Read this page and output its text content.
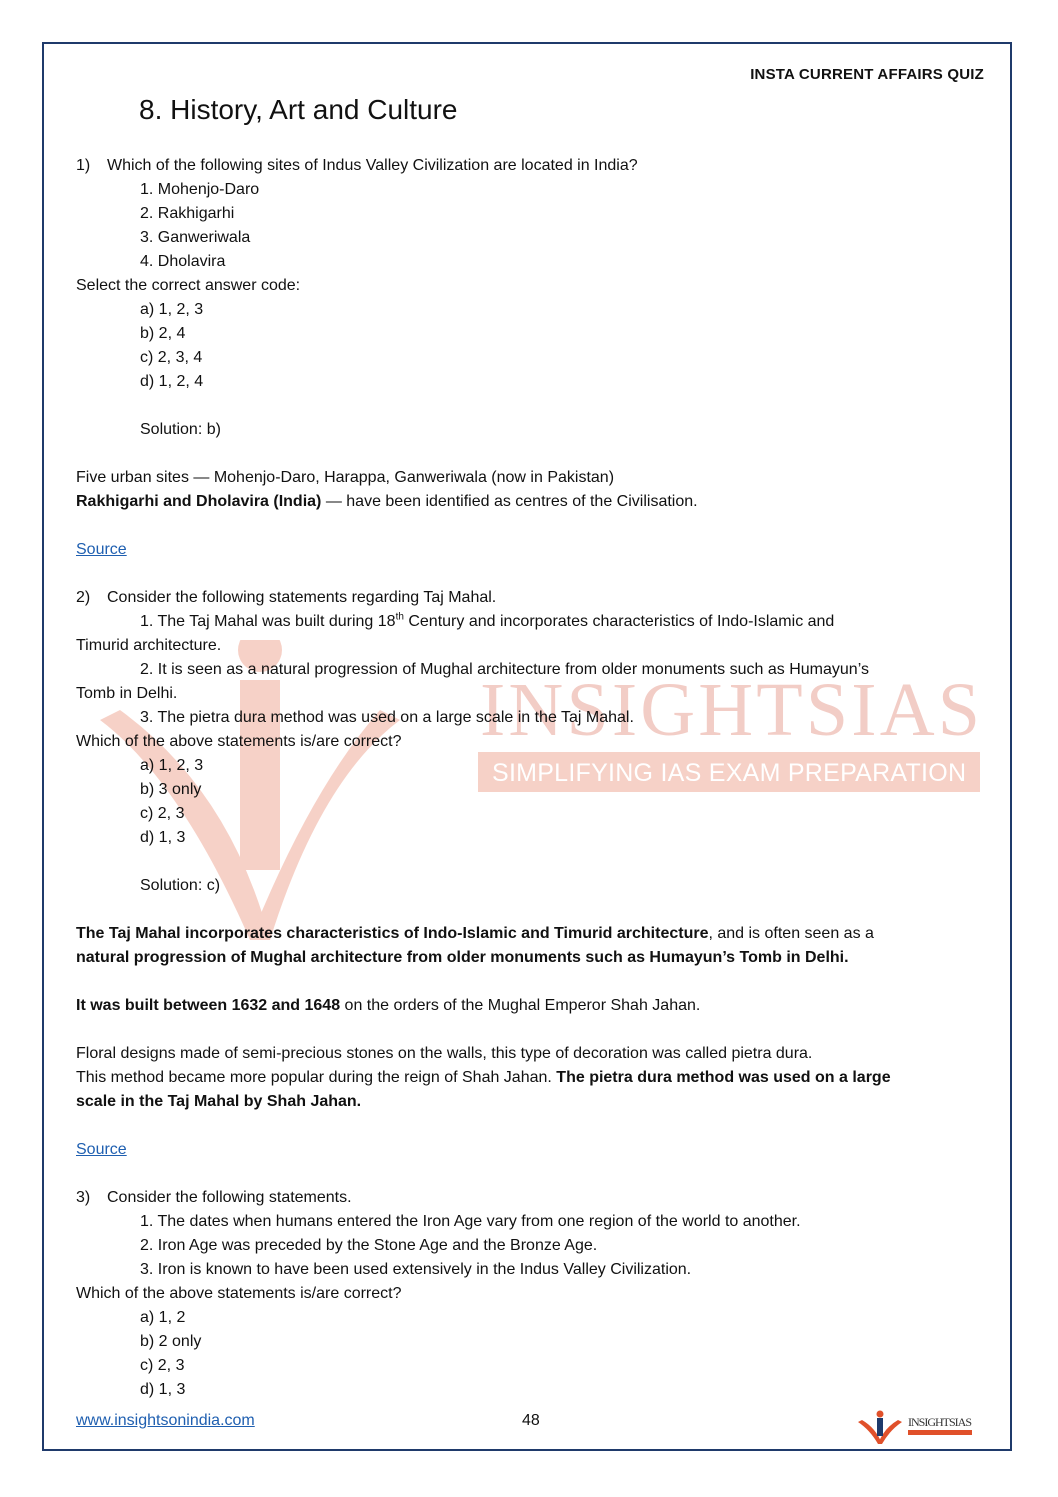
INSIGHTSIAS
SIMPLIFYING IAS EXAM PREPARATION
INSTA CURRENT AFFAIRS QUIZ
8. History, Art and Culture

1) Which of the following sites of Indus Valley Civilization are located in India?

1. Mohenjo-Daro

2. Rakhigarhi

3. Ganweriwala

4. Dholavira

Select the correct answer code:

a) 1, 2, 3

b) 2, 4

c) 2, 3, 4

d) 1, 2, 4

Solution: b)

Five urban sites — Mohenjo-Daro, Harappa, Ganweriwala (now in Pakistan)

Rakhigarhi and Dholavira (India) — have been identified as centres of the Civilisation.

Source

2) Consider the following statements regarding Taj Mahal.

1. The Taj Mahal was built during 18th Century and incorporates characteristics of Indo-Islamic and

Timurid architecture.

2. It is seen as a natural progression of Mughal architecture from older monuments such as Humayun’s

Tomb in Delhi.

3. The pietra dura method was used on a large scale in the Taj Mahal.

Which of the above statements is/are correct?

a) 1, 2, 3

b) 3 only

c) 2, 3

d) 1, 3

Solution: c)

The Taj Mahal incorporates characteristics of Indo-Islamic and Timurid architecture, and is often seen as a

natural progression of Mughal architecture from older monuments such as Humayun’s Tomb in Delhi.

It was built between 1632 and 1648 on the orders of the Mughal Emperor Shah Jahan.

Floral designs made of semi-precious stones on the walls, this type of decoration was called pietra dura.

This method became more popular during the reign of Shah Jahan. The pietra dura method was used on a large

scale in the Taj Mahal by Shah Jahan.

Source

3) Consider the following statements.

1. The dates when humans entered the Iron Age vary from one region of the world to another.

2. Iron Age was preceded by the Stone Age and the Bronze Age.

3. Iron is known to have been used extensively in the Indus Valley Civilization.

Which of the above statements is/are correct?

a) 1, 2

b) 2 only

c) 2, 3

d) 1, 3

www.insightsonindia.com	48	INSIGHTSIAS
